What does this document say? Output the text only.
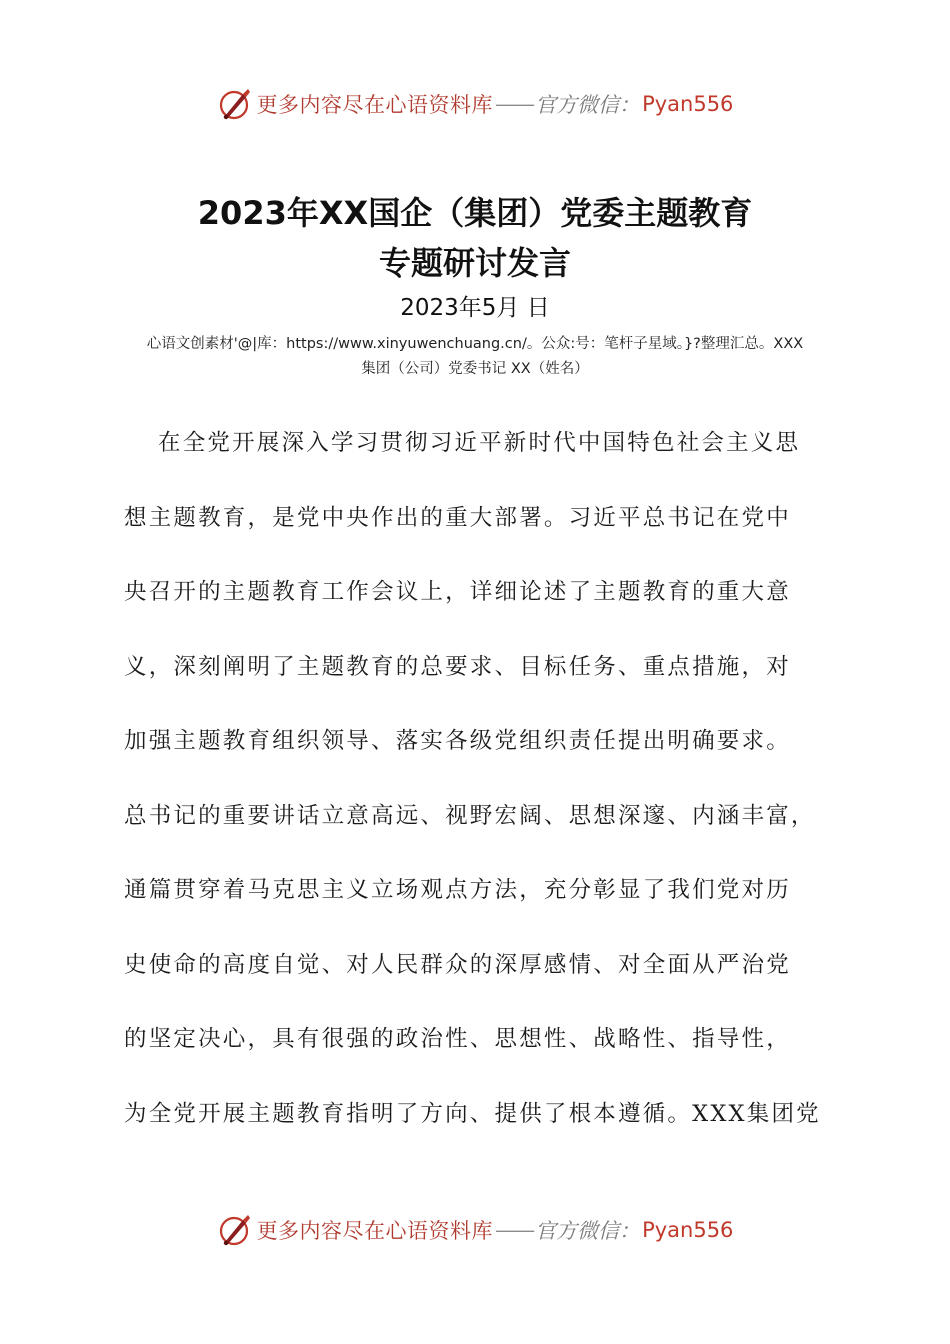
更多内容尽在心语资料库 —— 官方微信： Pyan556
2023年XX国企（集团）党委主题教育
专题研讨发言
2023年5月 日
心语文创素材'@|库：https://www.xinyuwenchuang.cn/。公众:号：笔杆子星域。}?整理汇总。XXX
集团（公司）党委书记 XX（姓名）
在全党开展深入学习贯彻习近平新时代中国特色社会主义思
想主题教育，是党中央作出的重大部署。习近平总书记在党中
央召开的主题教育工作会议上，详细论述了主题教育的重大意
义，深刻阐明了主题教育的总要求、目标任务、重点措施，对
加强主题教育组织领导、落实各级党组织责任提出明确要求。
总书记的重要讲话立意高远、视野宏阔、思想深邃、内涵丰富，
通篇贯穿着马克思主义立场观点方法，充分彰显了我们党对历
史使命的高度自觉、对人民群众的深厚感情、对全面从严治党
的坚定决心，具有很强的政治性、思想性、战略性、指导性，
为全党开展主题教育指明了方向、提供了根本遵循。XXX集团党
更多内容尽在心语资料库 —— 官方微信： Pyan556
